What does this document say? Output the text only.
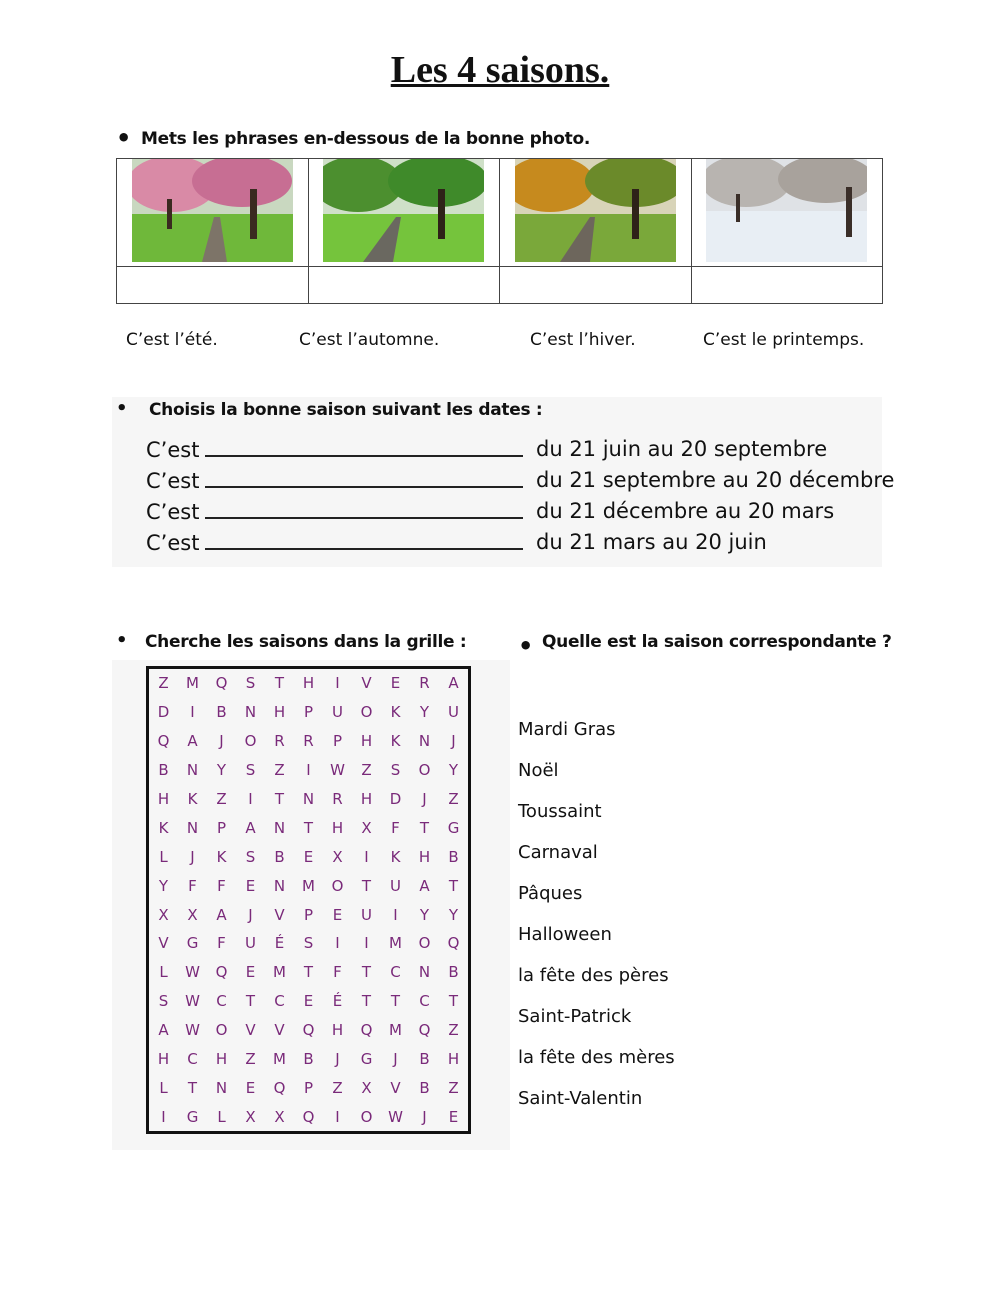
Les 4 saisons.
• Mets les phrases en-dessous de la bonne photo.

C’est l’été.	C’est l’automne.	C’est l’hiver.	C’est le printemps.
• Choisis la bonne saison suivant les dates :
C’est	du 21 juin au 20 septembre
C’est	du 21 septembre au 20 décembre
C’est	du 21 décembre au 20 mars
C’est	du 21 mars au 20 juin
• Cherche les saisons dans la grille :
Z	M	Q	S	T	H	I	V	E	R	A
D	I	B	N	H	P	U	O	K	Y	U
Q	A	J	O	R	R	P	H	K	N	J
B	N	Y	S	Z	I	W	Z	S	O	Y
H	K	Z	I	T	N	R	H	D	J	Z
K	N	P	A	N	T	H	X	F	T	G
L	J	K	S	B	E	X	I	K	H	B
Y	F	F	E	N	M	O	T	U	A	T
X	X	A	J	V	P	E	U	I	Y	Y
V	G	F	U	É	S	I	I	M	O	Q
L	W	Q	E	M	T	F	T	C	N	B
S	W	C	T	C	E	É	T	T	C	T
A	W	O	V	V	Q	H	Q	M	Q	Z
H	C	H	Z	M	B	J	G	J	B	H
L	T	N	E	Q	P	Z	X	V	B	Z
I	G	L	X	X	Q	I	O	W	J	E
• Quelle est la saison correspondante ?
Mardi Gras
Noël
Toussaint
Carnaval
Pâques
Halloween
la fête des pères
Saint-Patrick
la fête des mères
Saint-Valentin
